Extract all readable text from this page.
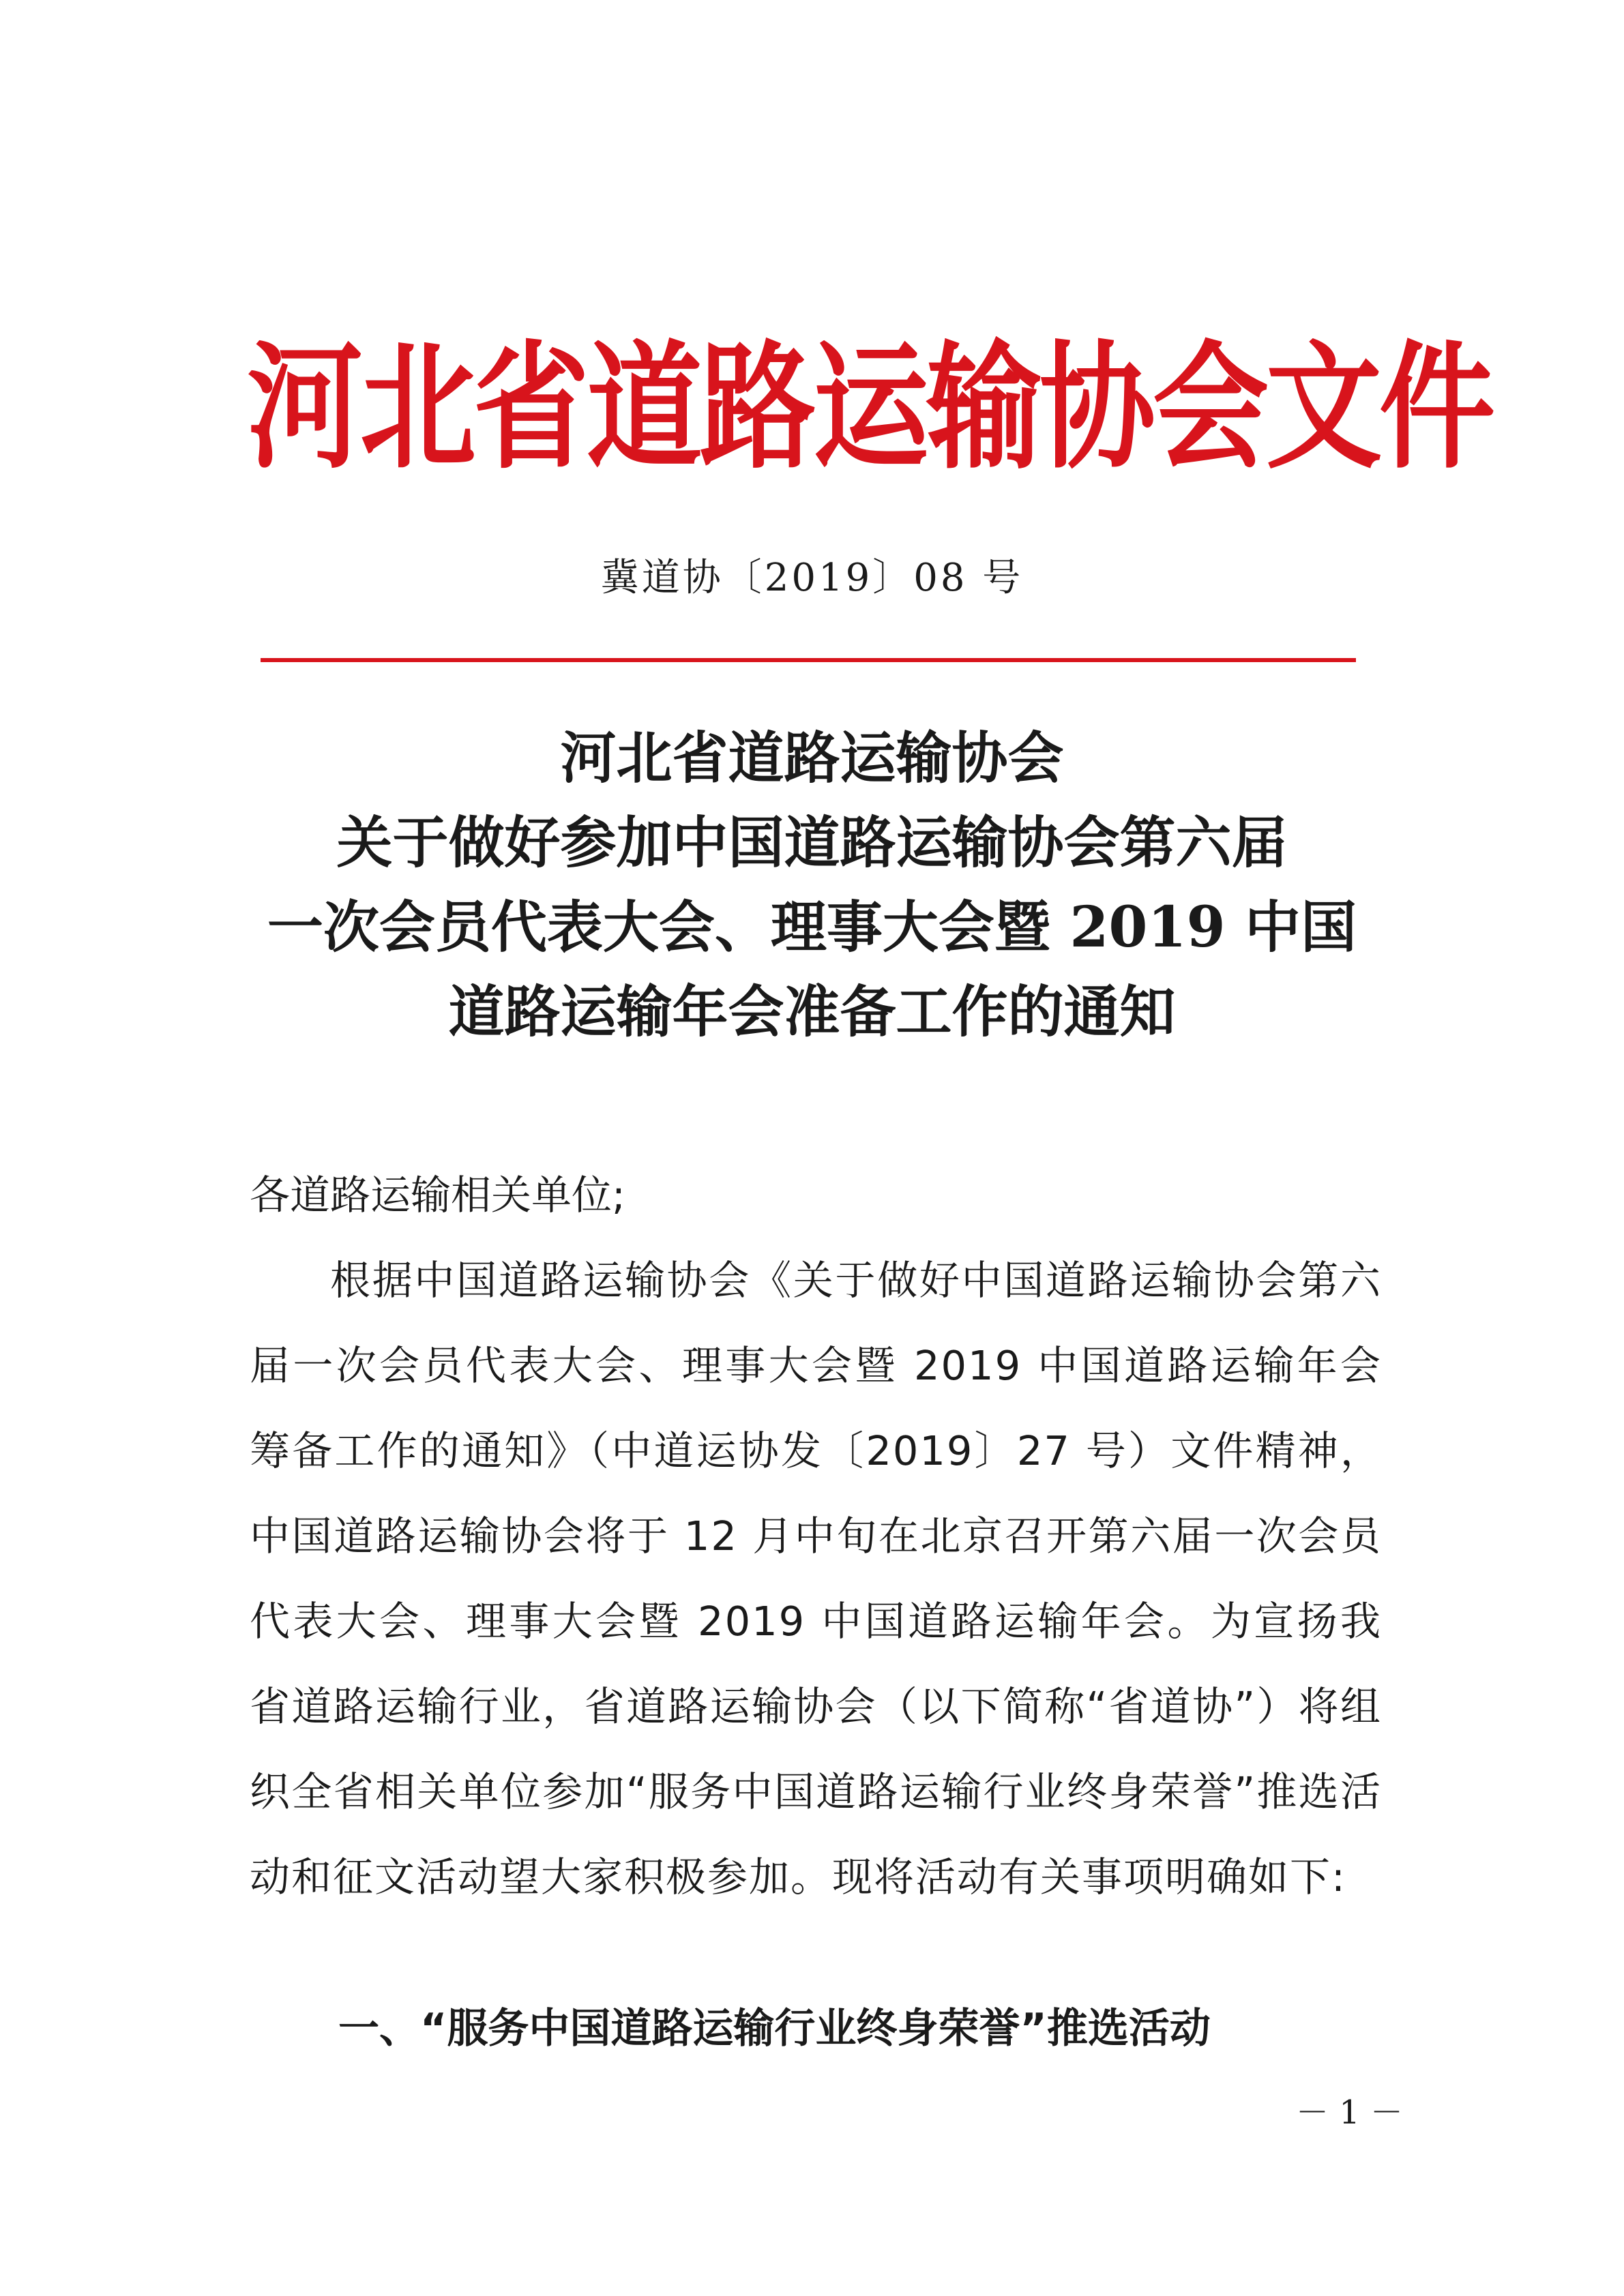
河北省道路运输协会文件
冀道协〔2019〕08 号
河北省道路运输协会
关于做好参加中国道路运输协会第六届
一次会员代表大会、理事大会暨 2019 中国
道路运输年会准备工作的通知
各道路运输相关单位;
根据中国道路运输协会《关于做好中国道路运输协会第六届一次会员代表大会、理事大会暨 2019 中国道路运输年会筹备工作的通知》（中道运协发〔2019〕27 号）文件精神，中国道路运输协会将于 12 月中旬在北京召开第六届一次会员代表大会、理事大会暨 2019 中国道路运输年会。为宣扬我省道路运输行业，省道路运输协会（以下简称“省道协”）将组织全省相关单位参加“服务中国道路运输行业终身荣誉”推选活动和征文活动望大家积极参加。现将活动有关事项明确如下:
一、“服务中国道路运输行业终身荣誉”推选活动
－ 1 －
